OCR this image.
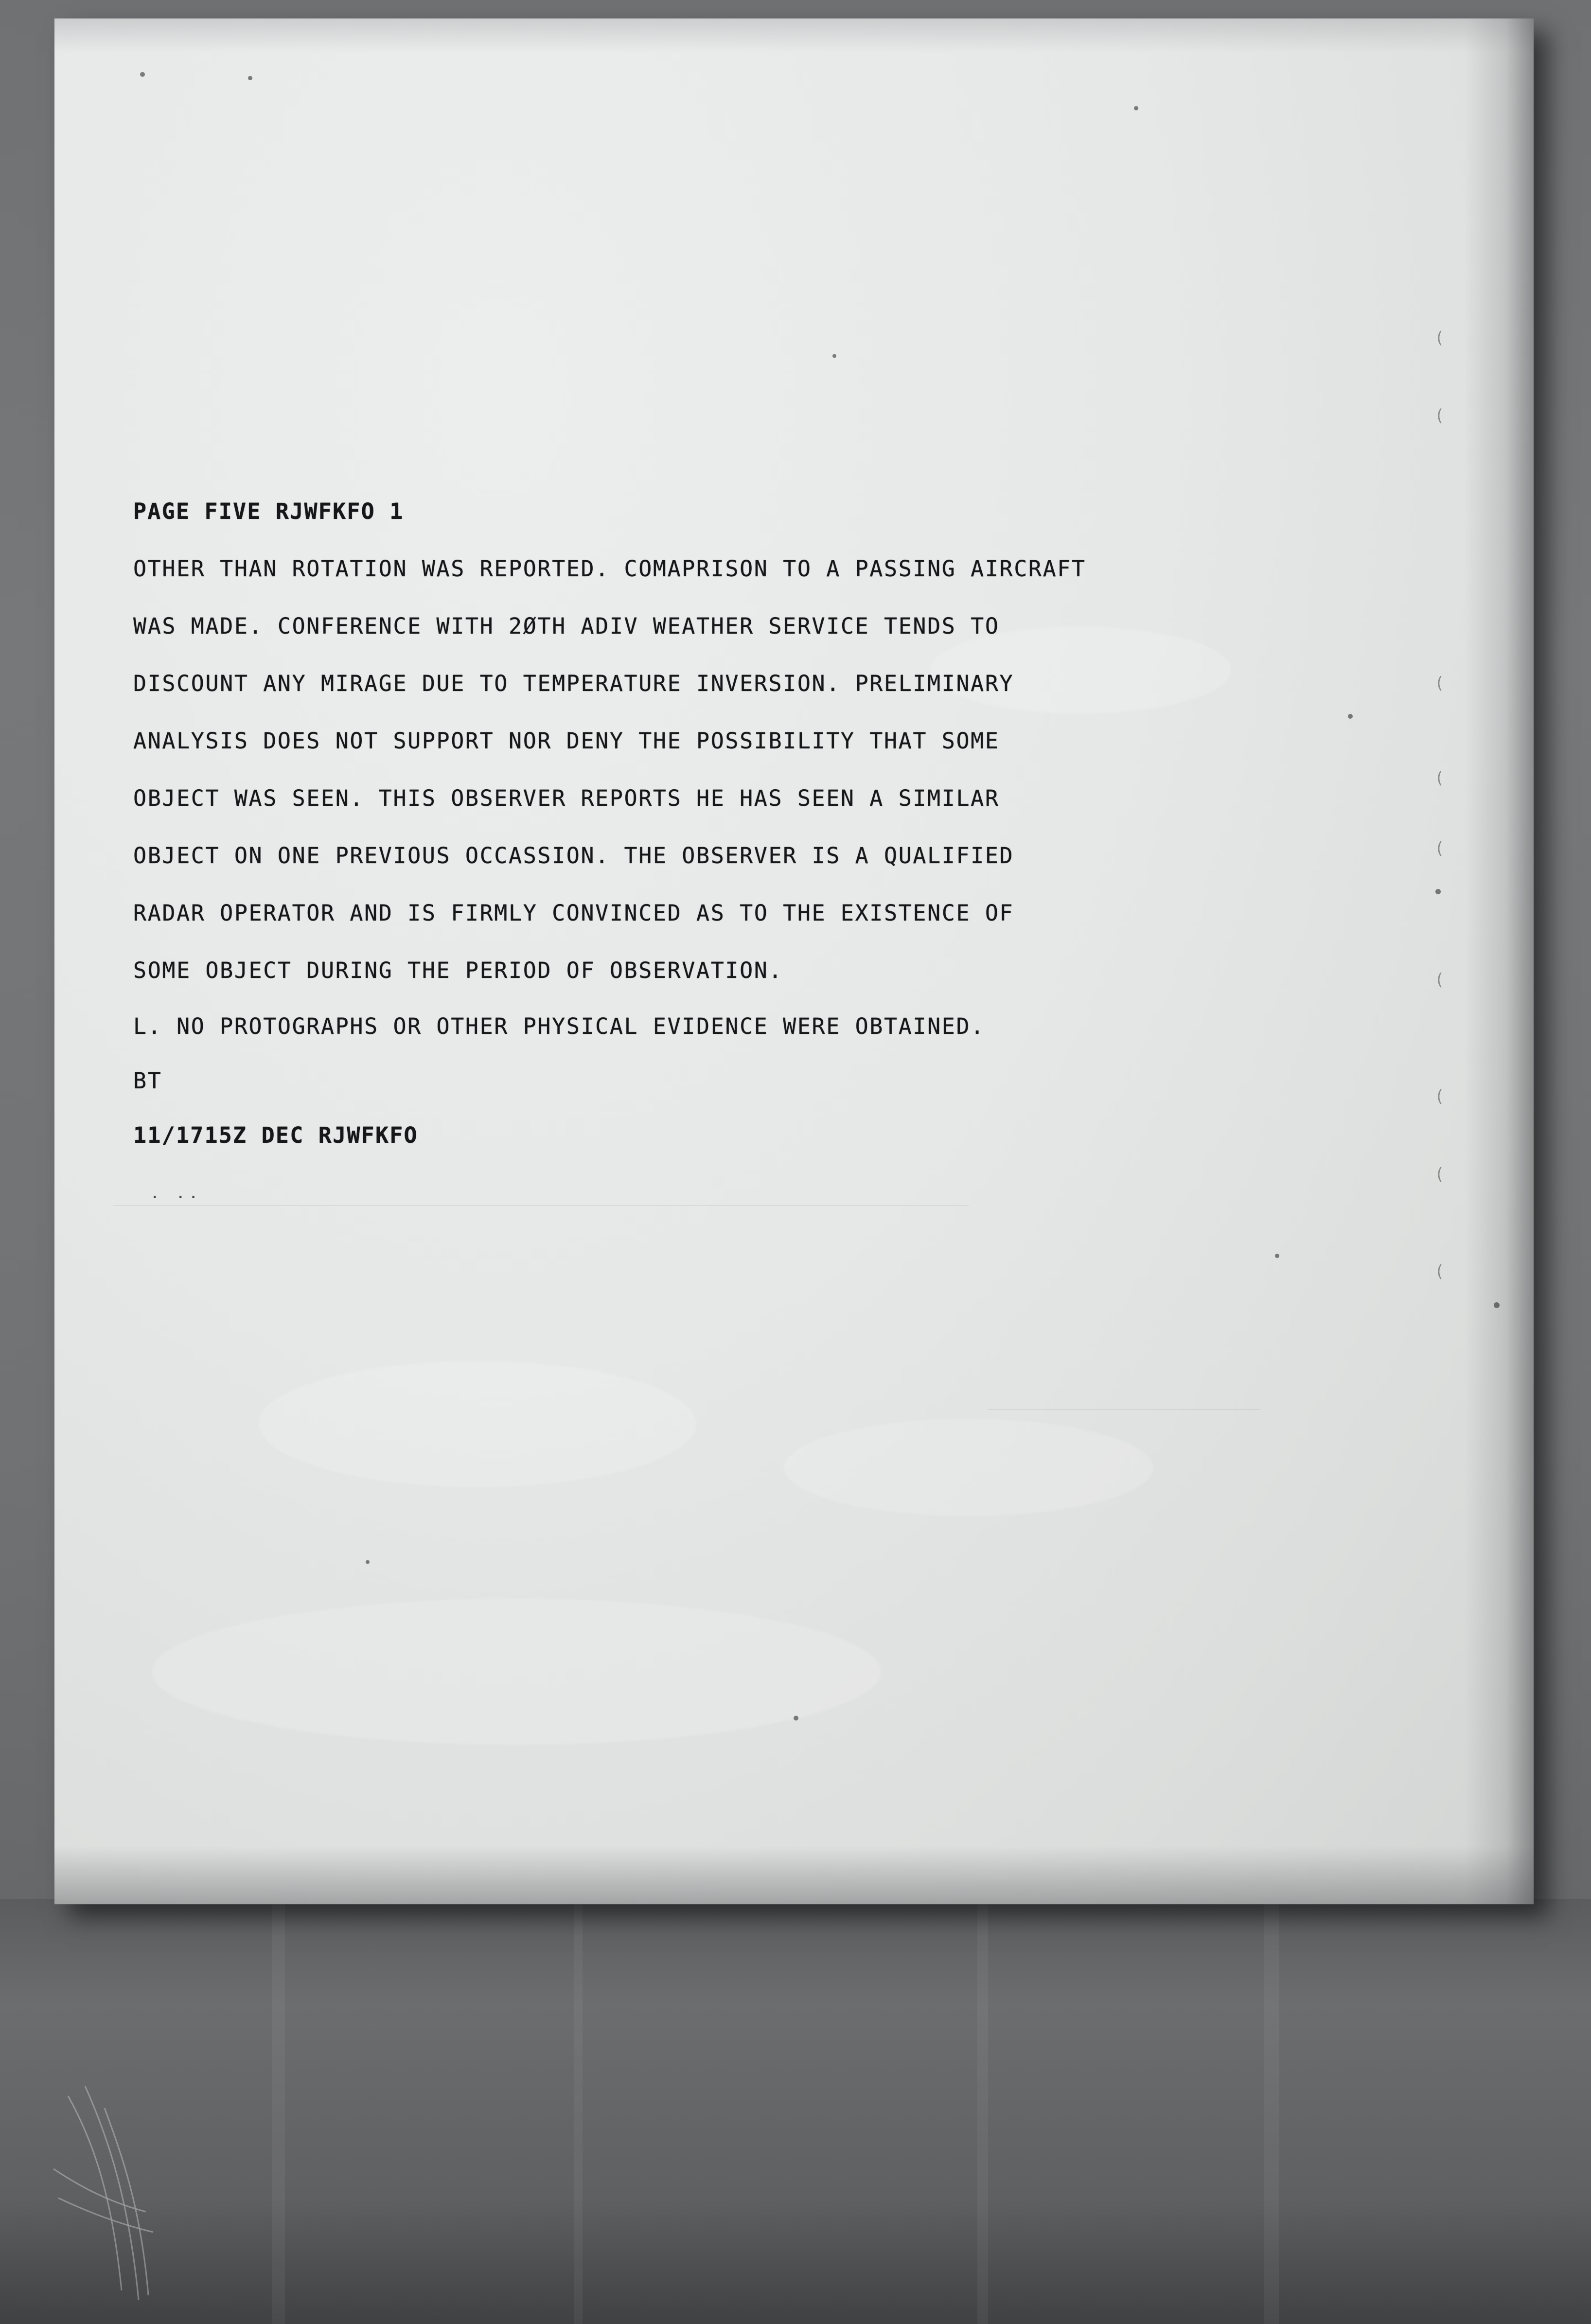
(
(
(
(
(
(
(
(
(
PAGE FIVE RJWFKFO 1
OTHER THAN ROTATION WAS REPORTED. COMAPRISON TO A PASSING AIRCRAFT
WAS MADE. CONFERENCE WITH 2ØTH ADIV WEATHER SERVICE TENDS TO
DISCOUNT ANY MIRAGE DUE TO TEMPERATURE INVERSION. PRELIMINARY
ANALYSIS DOES NOT SUPPORT NOR DENY THE POSSIBILITY THAT SOME
OBJECT WAS SEEN. THIS OBSERVER REPORTS HE HAS SEEN A SIMILAR
OBJECT ON ONE PREVIOUS OCCASSION. THE OBSERVER IS A QUALIFIED
RADAR OPERATOR AND IS FIRMLY CONVINCED AS TO THE EXISTENCE OF
SOME OBJECT DURING THE PERIOD OF OBSERVATION.
L. NO PROTOGRAPHS OR OTHER PHYSICAL EVIDENCE WERE OBTAINED.
BT
11/1715Z DEC RJWFKFO
. ..
